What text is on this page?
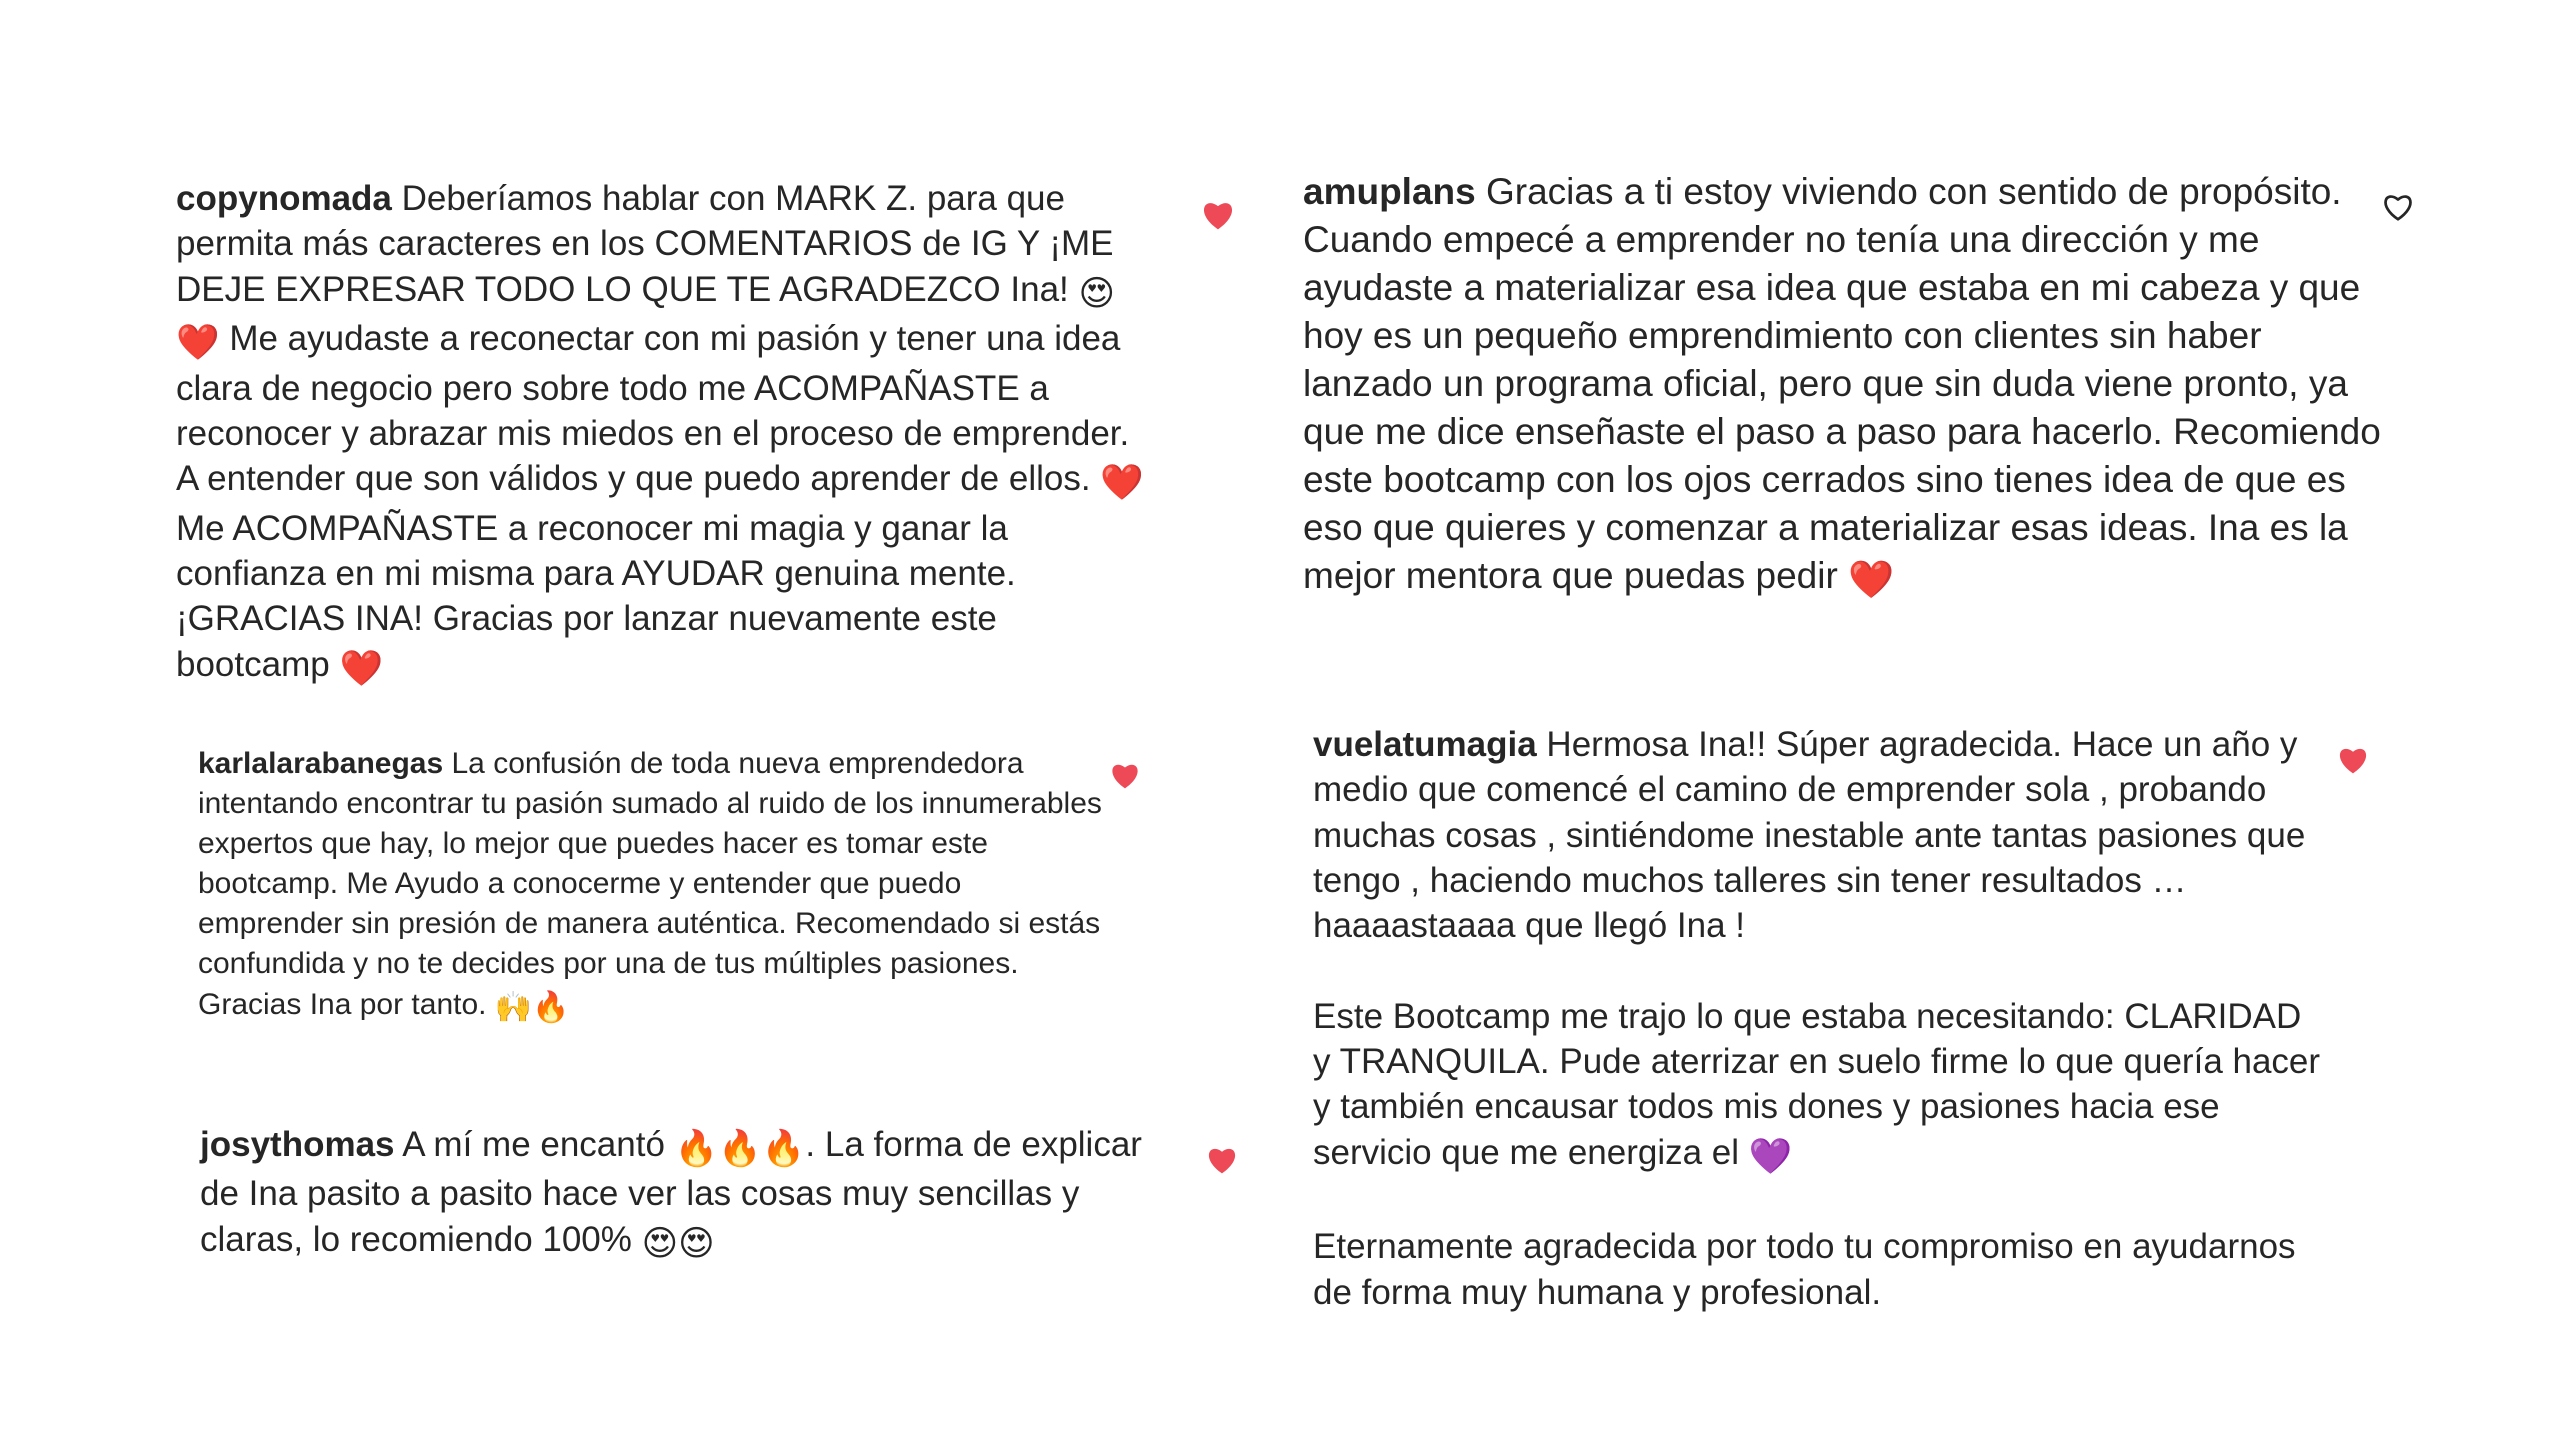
copynomada Deberíamos hablar con MARK Z. para que permita más caracteres en los COMENTARIOS de IG Y ¡ME DEJE EXPRESAR TODO LO QUE TE AGRADEZCO Ina! 😍 ❤️ Me ayudaste a reconectar con mi pasión y tener una idea clara de negocio pero sobre todo me ACOMPAÑASTE a reconocer y abrazar mis miedos en el proceso de emprender. A entender que son válidos y que puedo aprender de ellos. ❤️ Me ACOMPAÑASTE a reconocer mi magia y ganar la confianza en mi misma para AYUDAR genuina mente. ¡GRACIAS INA! Gracias por lanzar nuevamente este bootcamp ❤️

amuplans Gracias a ti estoy viviendo con sentido de propósito. Cuando empecé a emprender no tenía una dirección y me ayudaste a materializar esa idea que estaba en mi cabeza y que hoy es un pequeño emprendimiento con clientes sin haber lanzado un programa oficial, pero que sin duda viene pronto, ya que me dice enseñaste el paso a paso para hacerlo. Recomiendo este bootcamp con los ojos cerrados sino tienes idea de que es eso que quieres y comenzar a materializar esas ideas. Ina es la mejor mentora que puedas pedir ❤️

karlalarabanegas La confusión de toda nueva emprendedora intentando encontrar tu pasión sumado al ruido de los innumerables expertos que hay, lo mejor que puedes hacer es tomar este bootcamp. Me Ayudo a conocerme y entender que puedo emprender sin presión de manera auténtica. Recomendado si estás confundida y no te decides por una de tus múltiples pasiones. Gracias Ina por tanto. 🙌🔥

josythomas A mí me encantó 🔥🔥🔥. La forma de explicar de Ina pasito a pasito hace ver las cosas muy sencillas y claras, lo recomiendo 100% 😍😍

vuelatumagia Hermosa Ina!! Súper agradecida. Hace un año y medio que comencé el camino de emprender sola , probando muchas cosas , sintiéndome inestable ante tantas pasiones que tengo , haciendo muchos talleres sin tener resultados … haaaastaaaa que llegó Ina !

Este Bootcamp me trajo lo que estaba necesitando: CLARIDAD y TRANQUILA. Pude aterrizar en suelo firme lo que quería hacer y también encausar todos mis dones y pasiones hacia ese servicio que me energiza el 💜

Eternamente agradecida por todo tu compromiso en ayudarnos de forma muy humana y profesional.
